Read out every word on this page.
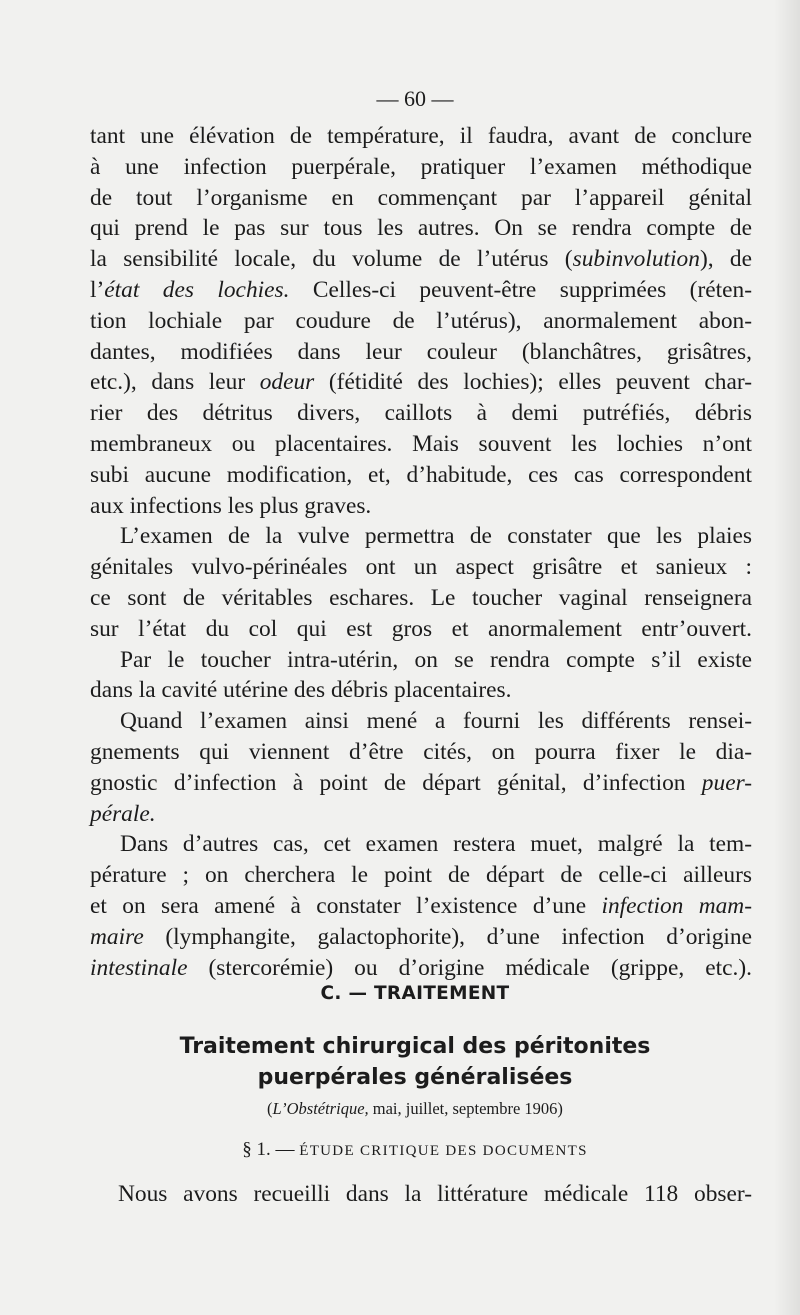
— 60 —
tant une élévation de température, il faudra, avant de conclure
à une infection puerpérale, pratiquer l’examen méthodique
de tout l’organisme en commençant par l’appareil génital
qui prend le pas sur tous les autres. On se rendra compte de
la sensibilité locale, du volume de l’utérus (subinvolution), de
l’état des lochies. Celles-ci peuvent-être supprimées (réten-
tion lochiale par coudure de l’utérus), anormalement abon-
dantes, modifiées dans leur couleur (blanchâtres, grisâtres,
etc.), dans leur odeur (fétidité des lochies); elles peuvent char-
rier des détritus divers, caillots à demi putréfiés, débris
membraneux ou placentaires. Mais souvent les lochies n’ont
subi aucune modification, et, d’habitude, ces cas correspondent
aux infections les plus graves.
L’examen de la vulve permettra de constater que les plaies
génitales vulvo-périnéales ont un aspect grisâtre et sanieux :
ce sont de véritables eschares. Le toucher vaginal renseignera
sur l’état du col qui est gros et anormalement entr’ouvert.
Par le toucher intra-utérin, on se rendra compte s’il existe
dans la cavité utérine des débris placentaires.
Quand l’examen ainsi mené a fourni les différents rensei-
gnements qui viennent d’être cités, on pourra fixer le dia-
gnostic d’infection à point de départ génital, d’infection puer-
pérale.
Dans d’autres cas, cet examen restera muet, malgré la tem-
pérature ; on cherchera le point de départ de celle-ci ailleurs
et on sera amené à constater l’existence d’une infection mam-
maire (lymphangite, galactophorite), d’une infection d’origine
intestinale (stercorémie) ou d’origine médicale (grippe, etc.).
C. — TRAITEMENT
Traitement chirurgical des péritonites
puerpérales généralisées
(L’Obstétrique, mai, juillet, septembre 1906)
§ 1. — ÉTUDE CRITIQUE DES DOCUMENTS
Nous avons recueilli dans la littérature médicale 118 obser-
